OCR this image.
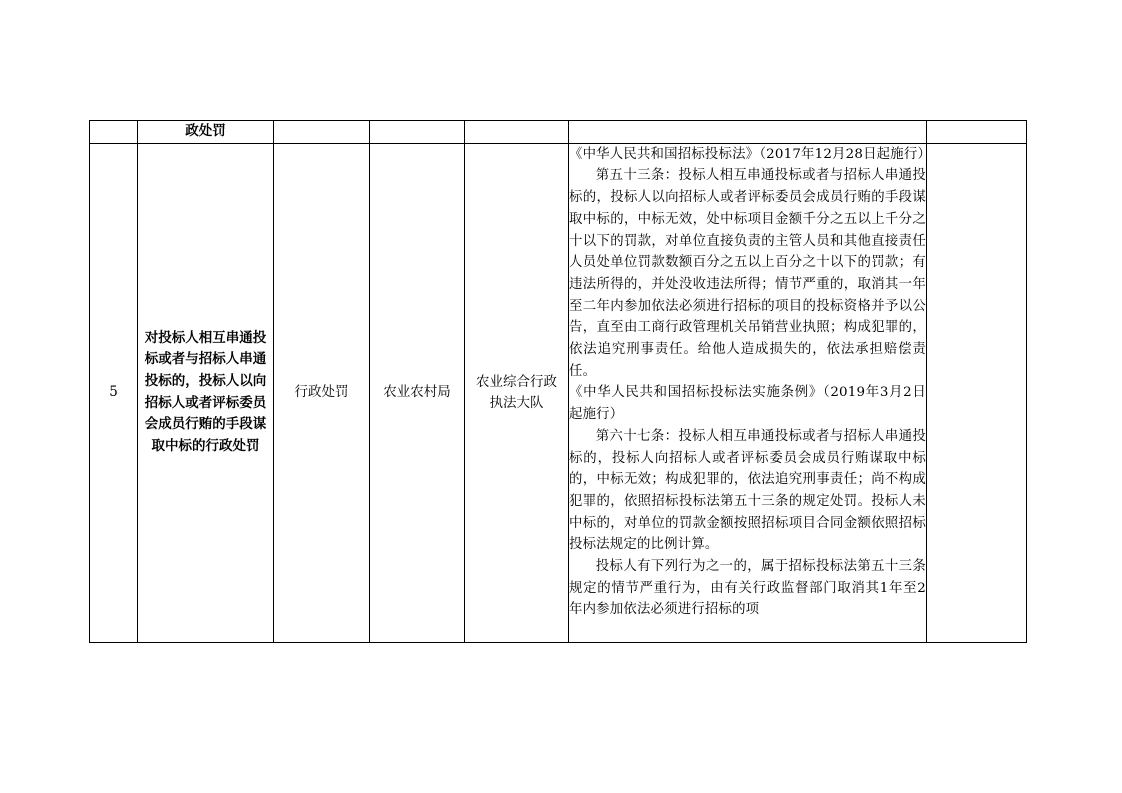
	政处罚					
5	对投标人相互串通投标或者与招标人串通投标的，投标人以向招标人或者评标委员会成员行贿的手段谋取中标的行政处罚	行政处罚	农业农村局	农业综合行政执法大队	《中华人民共和国招标投标法》（2017年12月28日起施行）

第五十三条：投标人相互串通投标或者与招标人串通投标的，投标人以向招标人或者评标委员会成员行贿的手段谋取中标的，中标无效，处中标项目金额千分之五以上千分之十以下的罚款，对单位直接负责的主管人员和其他直接责任人员处单位罚款数额百分之五以上百分之十以下的罚款；有违法所得的，并处没收违法所得；情节严重的，取消其一年至二年内参加依法必须进行招标的项目的投标资格并予以公告，直至由工商行政管理机关吊销营业执照；构成犯罪的，依法追究刑事责任。给他人造成损失的，依法承担赔偿责任。

《中华人民共和国招标投标法实施条例》（2019年3月2日起施行）

第六十七条：投标人相互串通投标或者与招标人串通投标的，投标人向招标人或者评标委员会成员行贿谋取中标的，中标无效；构成犯罪的，依法追究刑事责任；尚不构成犯罪的，依照招标投标法第五十三条的规定处罚。投标人未中标的，对单位的罚款金额按照招标项目合同金额依照招标投标法规定的比例计算。

投标人有下列行为之一的，属于招标投标法第五十三条规定的情节严重行为，由有关行政监督部门取消其1年至2年内参加依法必须进行招标的项	
